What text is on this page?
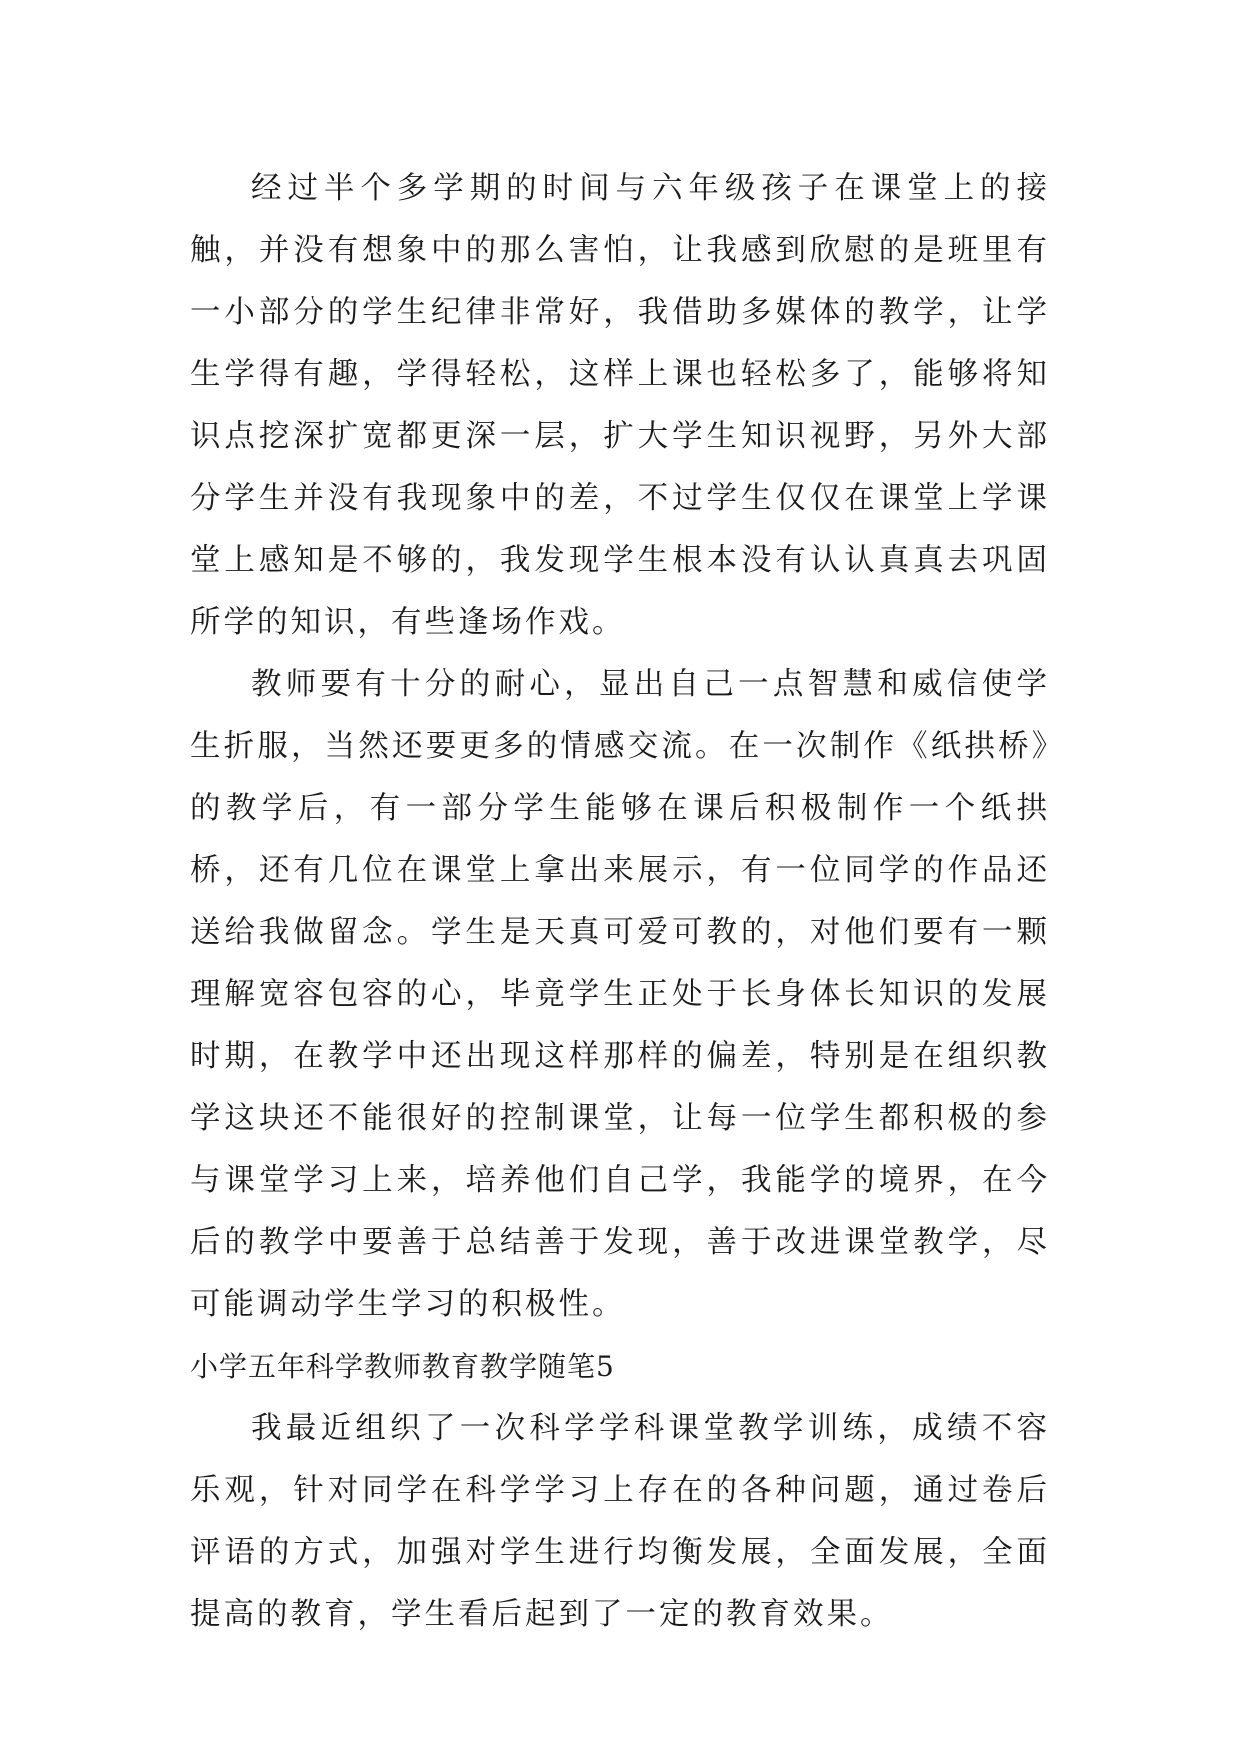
经过半个多学期的时间与六年级孩子在课堂上的接触，并没有想象中的那么害怕，让我感到欣慰的是班里有一小部分的学生纪律非常好，我借助多媒体的教学，让学生学得有趣，学得轻松，这样上课也轻松多了，能够将知识点挖深扩宽都更深一层，扩大学生知识视野，另外大部分学生并没有我现象中的差，不过学生仅仅在课堂上学课堂上感知是不够的，我发现学生根本没有认认真真去巩固所学的知识，有些逢场作戏。

教师要有十分的耐心，显出自己一点智慧和威信使学生折服，当然还要更多的情感交流。在一次制作《纸拱桥》的教学后，有一部分学生能够在课后积极制作一个纸拱桥，还有几位在课堂上拿出来展示，有一位同学的作品还送给我做留念。学生是天真可爱可教的，对他们要有一颗理解宽容包容的心，毕竟学生正处于长身体长知识的发展时期，在教学中还出现这样那样的偏差，特别是在组织教学这块还不能很好的控制课堂，让每一位学生都积极的参与课堂学习上来，培养他们自己学，我能学的境界，在今后的教学中要善于总结善于发现，善于改进课堂教学，尽可能调动学生学习的积极性。

小学五年科学教师教育教学随笔5

我最近组织了一次科学学科课堂教学训练，成绩不容乐观，针对同学在科学学习上存在的各种问题，通过卷后评语的方式，加强对学生进行均衡发展，全面发展，全面提高的教育，学生看后起到了一定的教育效果。
